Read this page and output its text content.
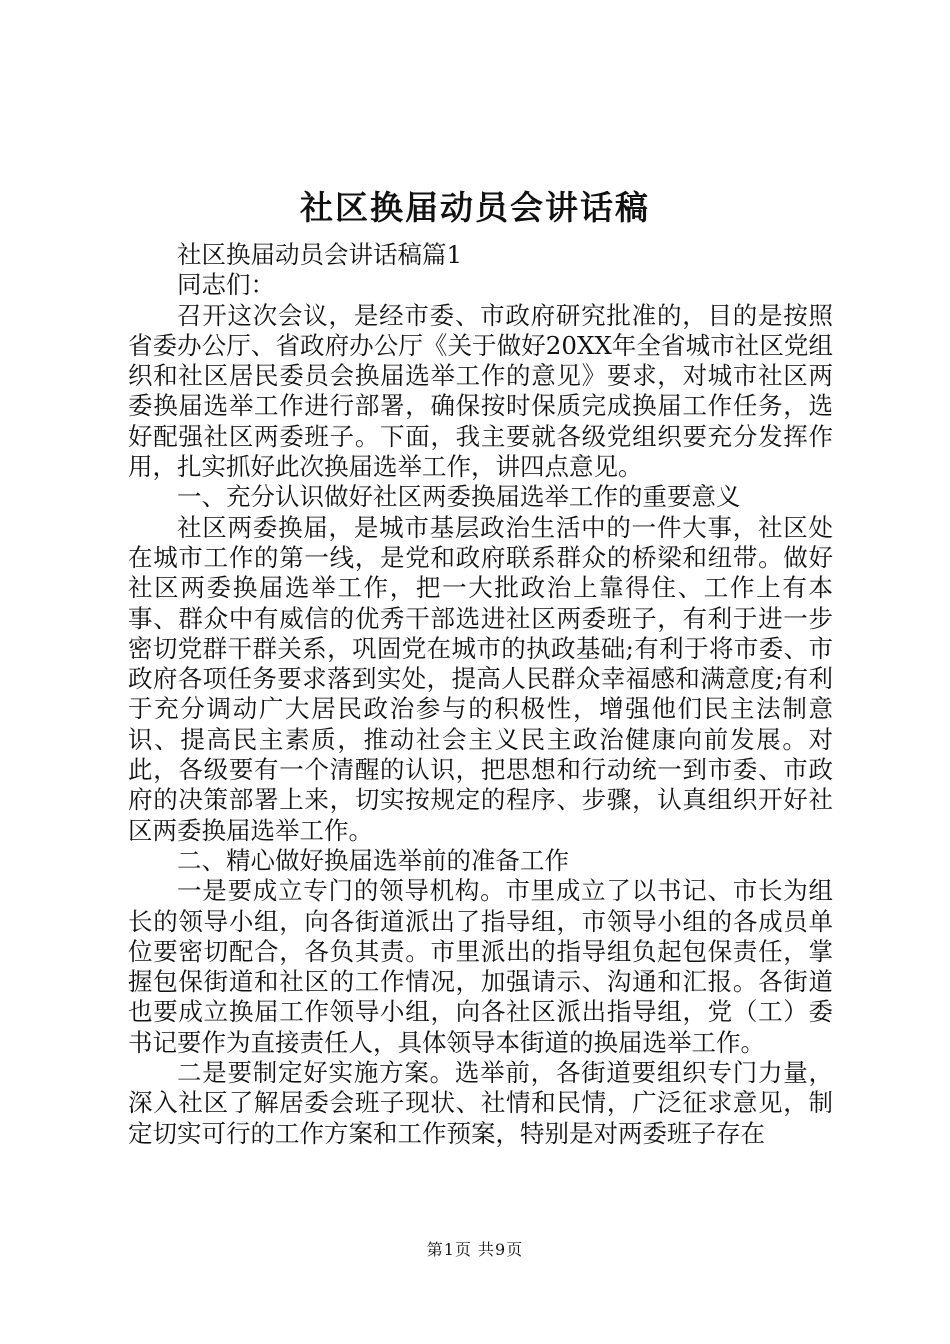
社区换届动员会讲话稿

社区换届动员会讲话稿篇1

同志们：

召开这次会议，是经市委、市政府研究批准的，目的是按照省委办公厅、省政府办公厅《关于做好20XX年全省城市社区党组织和社区居民委员会换届选举工作的意见》要求，对城市社区两委换届选举工作进行部署，确保按时保质完成换届工作任务，选好配强社区两委班子。下面，我主要就各级党组织要充分发挥作用，扎实抓好此次换届选举工作，讲四点意见。

一、充分认识做好社区两委换届选举工作的重要意义

社区两委换届，是城市基层政治生活中的一件大事，社区处在城市工作的第一线，是党和政府联系群众的桥梁和纽带。做好社区两委换届选举工作，把一大批政治上靠得住、工作上有本事、群众中有威信的优秀干部选进社区两委班子，有利于进一步密切党群干群关系，巩固党在城市的执政基础;有利于将市委、市政府各项任务要求落到实处，提高人民群众幸福感和满意度;有利于充分调动广大居民政治参与的积极性，增强他们民主法制意识、提高民主素质，推动社会主义民主政治健康向前发展。对此，各级要有一个清醒的认识，把思想和行动统一到市委、市政府的决策部署上来，切实按规定的程序、步骤，认真组织开好社区两委换届选举工作。

二、精心做好换届选举前的准备工作

一是要成立专门的领导机构。市里成立了以书记、市长为组长的领导小组，向各街道派出了指导组，市领导小组的各成员单位要密切配合，各负其责。市里派出的指导组负起包保责任，掌握包保街道和社区的工作情况，加强请示、沟通和汇报。各街道也要成立换届工作领导小组，向各社区派出指导组，党（工）委书记要作为直接责任人，具体领导本街道的换届选举工作。

二是要制定好实施方案。选举前，各街道要组织专门力量，深入社区了解居委会班子现状、社情和民情，广泛征求意见，制定切实可行的工作方案和工作预案，特别是对两委班子存在

第1页 共9页
